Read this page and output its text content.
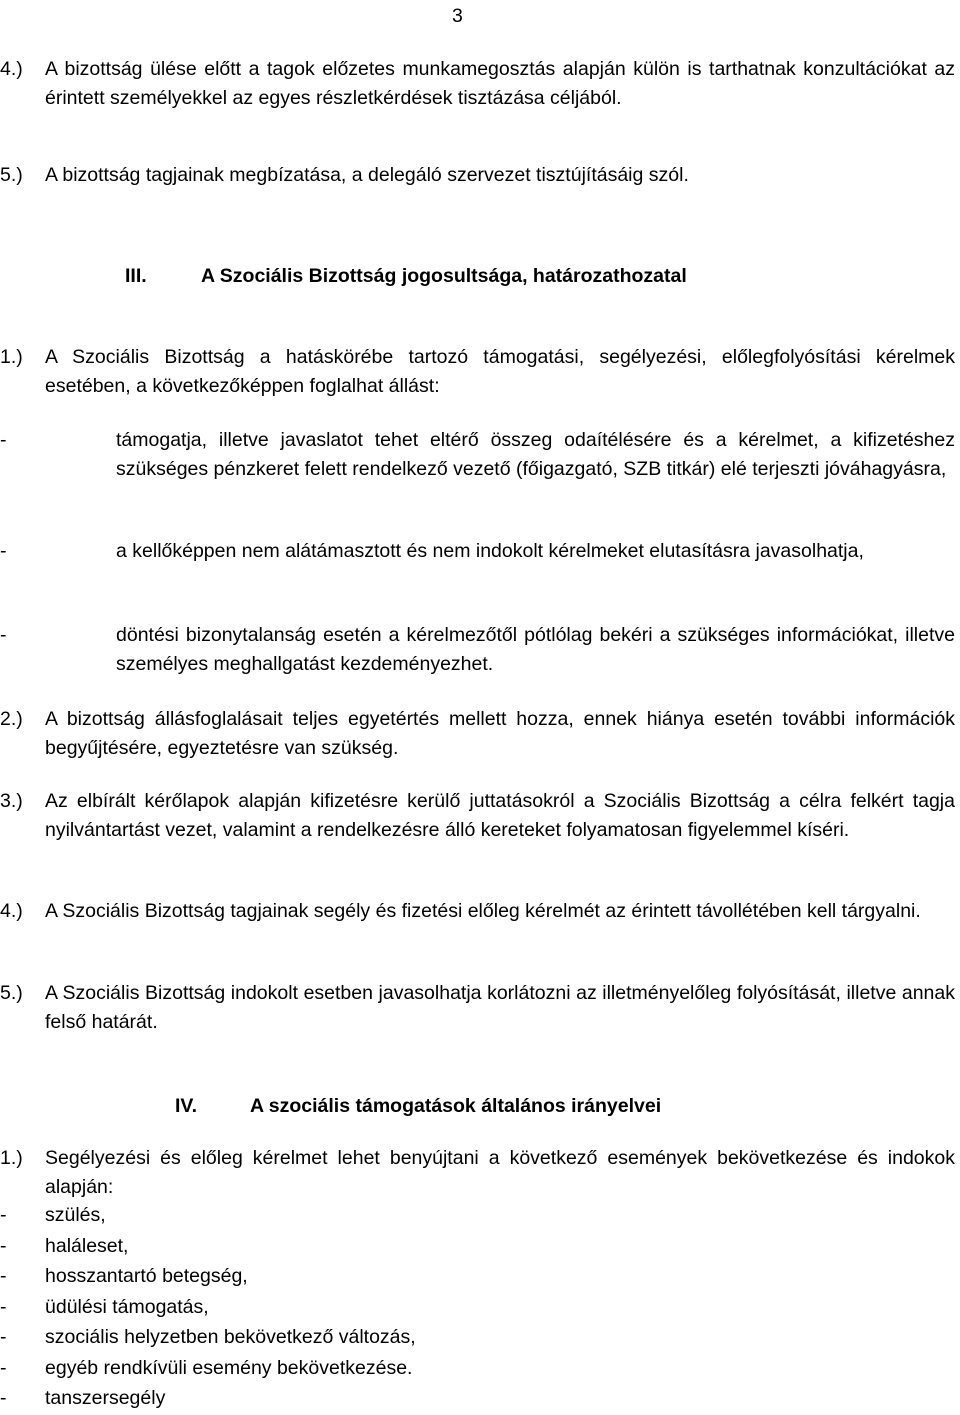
3
4.) A bizottság ülése előtt a tagok előzetes munkamegosztás alapján külön is tarthatnak konzultációkat az érintett személyekkel az egyes részletkérdések tisztázása céljából.
5.) A bizottság tagjainak megbízatása, a delegáló szervezet tisztújításáig szól.
III.	A Szociális Bizottság jogosultsága, határozathozatal
1.) A Szociális Bizottság a hatáskörébe tartozó támogatási, segélyezési, előlegfolyósítási kérelmek esetében, a következőképpen foglalhat állást:
-	támogatja, illetve javaslatot tehet eltérő összeg odaítélésére és a kérelmet, a kifizetéshez szükséges pénzkeret felett rendelkező vezető (főigazgató, SZB titkár) elé terjeszti jóváhagyásra,
-	a kellőképpen nem alátámasztott és nem indokolt kérelmeket elutasításra javasolhatja,
-	döntési bizonytalanság esetén a kérelmezőtől pótlólag bekéri a szükséges információkat, illetve személyes meghallgatást kezdeményezhet.
2.) A bizottság állásfoglalásait teljes egyetértés mellett hozza, ennek hiánya esetén további információk begyűjtésére, egyeztetésre van szükség.
3.) Az elbírált kérőlapok alapján kifizetésre kerülő juttatásokról a Szociális Bizottság a célra felkért tagja nyilvántartást vezet, valamint a rendelkezésre álló kereteket folyamatosan figyelemmel kíséri.
4.) A Szociális Bizottság tagjainak segély és fizetési előleg kérelmét az érintett távollétében kell tárgyalni.
5.) A Szociális Bizottság indokolt esetben javasolhatja korlátozni az illetményelőleg folyósítását, illetve annak felső határát.
IV.	A szociális támogatások általános irányelvei
1.) Segélyezési és előleg kérelmet lehet benyújtani a következő események bekövetkezése és indokok alapján:
- szülés,
- haláleset,
- hosszantartó betegség,
- üdülési támogatás,
- szociális helyzetben bekövetkező változás,
- egyéb rendkívüli esemény bekövetkezése.
- tanszersegély
